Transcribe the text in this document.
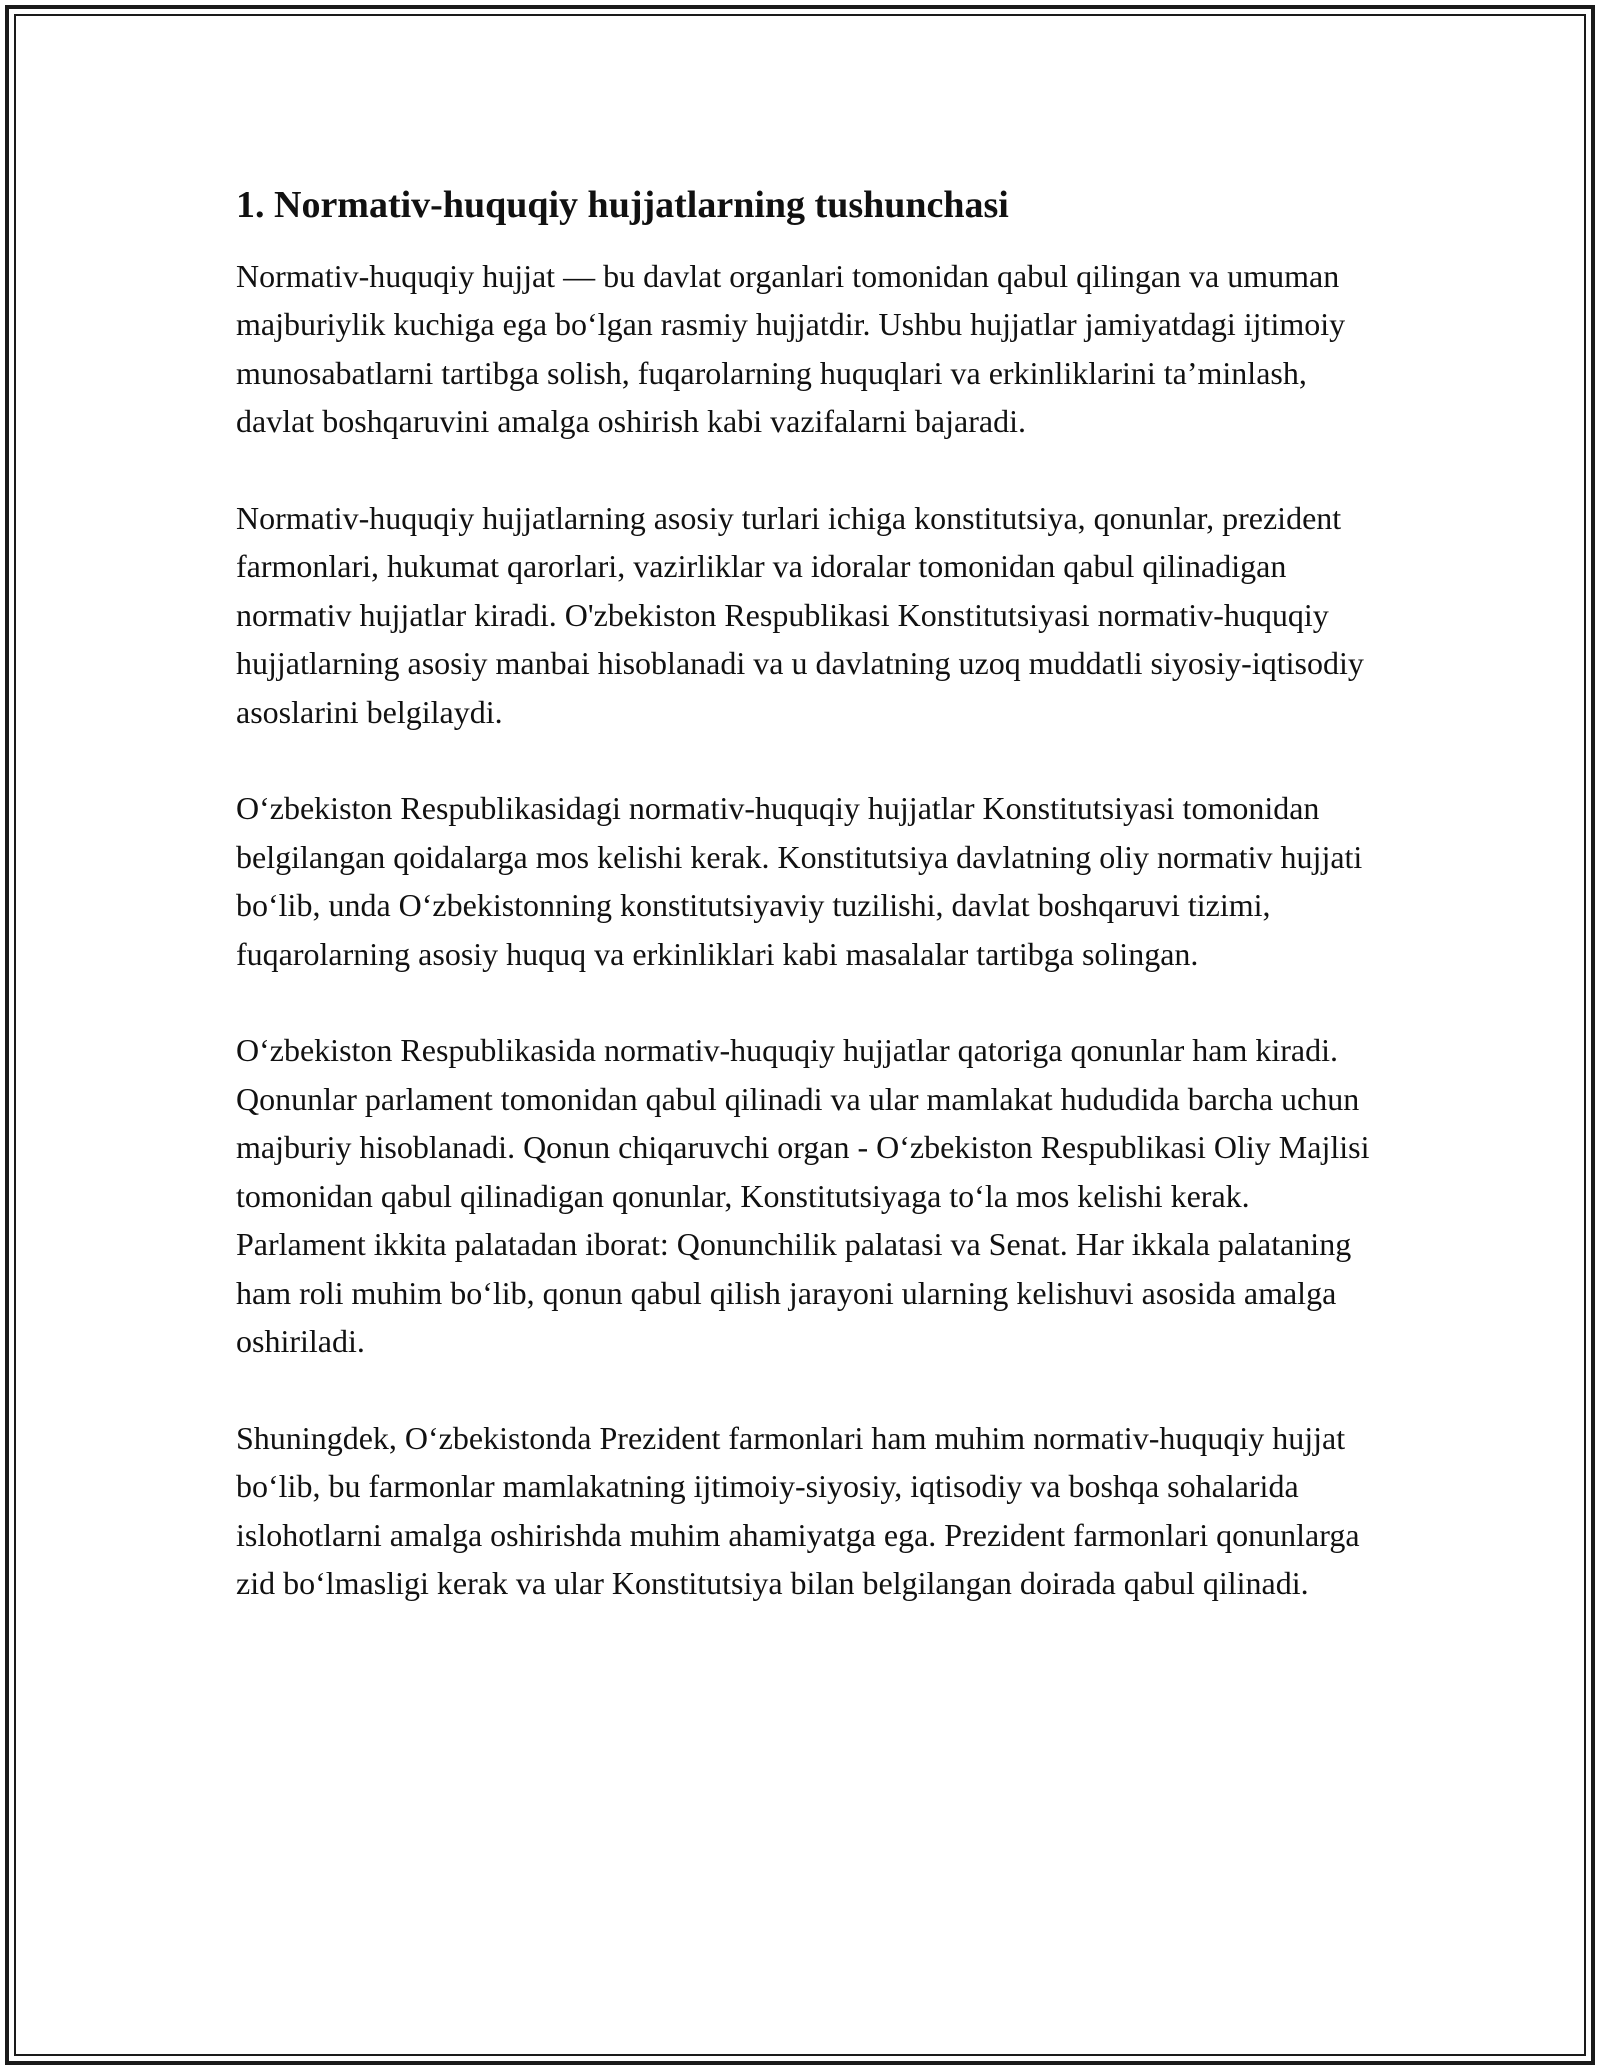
1. Normativ-huquqiy hujjatlarning tushunchasi

Normativ-huquqiy hujjat — bu davlat organlari tomonidan qabul qilingan va umuman majburiylik kuchiga ega bo‘lgan rasmiy hujjatdir. Ushbu hujjatlar jamiyatdagi ijtimoiy munosabatlarni tartibga solish, fuqarolarning huquqlari va erkinliklarini ta’minlash, davlat boshqaruvini amalga oshirish kabi vazifalarni bajaradi.

Normativ-huquqiy hujjatlarning asosiy turlari ichiga konstitutsiya, qonunlar, prezident farmonlari, hukumat qarorlari, vazirliklar va idoralar tomonidan qabul qilinadigan normativ hujjatlar kiradi. O'zbekiston Respublikasi Konstitutsiyasi normativ-huquqiy hujjatlarning asosiy manbai hisoblanadi va u davlatning uzoq muddatli siyosiy-iqtisodiy asoslarini belgilaydi.

O‘zbekiston Respublikasidagi normativ-huquqiy hujjatlar Konstitutsiyasi tomonidan belgilangan qoidalarga mos kelishi kerak. Konstitutsiya davlatning oliy normativ hujjati bo‘lib, unda O‘zbekistonning konstitutsiyaviy tuzilishi, davlat boshqaruvi tizimi, fuqarolarning asosiy huquq va erkinliklari kabi masalalar tartibga solingan.

O‘zbekiston Respublikasida normativ-huquqiy hujjatlar qatoriga qonunlar ham kiradi. Qonunlar parlament tomonidan qabul qilinadi va ular mamlakat hududida barcha uchun majburiy hisoblanadi. Qonun chiqaruvchi organ - O‘zbekiston Respublikasi Oliy Majlisi tomonidan qabul qilinadigan qonunlar, Konstitutsiyaga to‘la mos kelishi kerak. Parlament ikkita palatadan iborat: Qonunchilik palatasi va Senat. Har ikkala palataning ham roli muhim bo‘lib, qonun qabul qilish jarayoni ularning kelishuvi asosida amalga oshiriladi.

Shuningdek, O‘zbekistonda Prezident farmonlari ham muhim normativ-huquqiy hujjat bo‘lib, bu farmonlar mamlakatning ijtimoiy-siyosiy, iqtisodiy va boshqa sohalarida islohotlarni amalga oshirishda muhim ahamiyatga ega. Prezident farmonlari qonunlarga zid bo‘lmasligi kerak va ular Konstitutsiya bilan belgilangan doirada qabul qilinadi.
